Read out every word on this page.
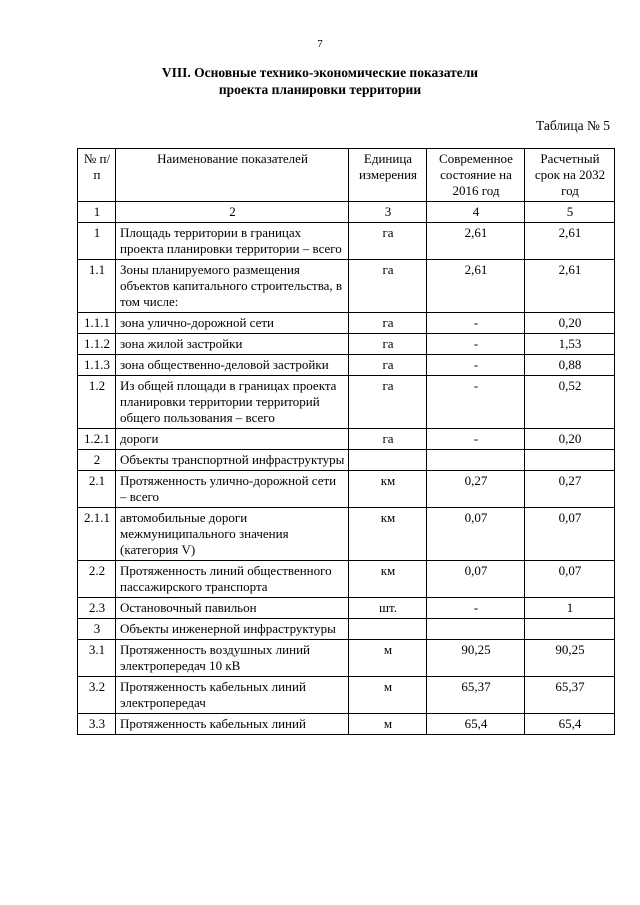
7
VIII. Основные технико-экономические показатели
проекта планировки территории
Таблица № 5
№ п/п	Наименование показателей	Единица измерения	Современное состояние на 2016 год	Расчетный срок на 2032 год
1	2	3	4	5
1	Площадь территории в границах проекта планировки территории – всего	га	2,61	2,61
1.1	Зоны планируемого размещения объектов капитального строительства, в том числе:	га	2,61	2,61
1.1.1	зона улично-дорожной сети	га	-	0,20
1.1.2	зона жилой застройки	га	-	1,53
1.1.3	зона общественно-деловой застройки	га	-	0,88
1.2	Из общей площади в границах проекта планировки территории территорий общего пользования – всего	га	-	0,52
1.2.1	дороги	га	-	0,20
2	Объекты транспортной инфраструктуры			
2.1	Протяженность улично-дорожной сети – всего	км	0,27	0,27
2.1.1	автомобильные дороги межмуниципального значения (категория V)	км	0,07	0,07
2.2	Протяженность линий общественного пассажирского транспорта	км	0,07	0,07
2.3	Остановочный павильон	шт.	-	1
3	Объекты инженерной инфраструктуры			
3.1	Протяженность воздушных линий электропередач 10 кВ	м	90,25	90,25
3.2	Протяженность кабельных линий электропередач	м	65,37	65,37
3.3	Протяженность кабельных линий	м	65,4	65,4
